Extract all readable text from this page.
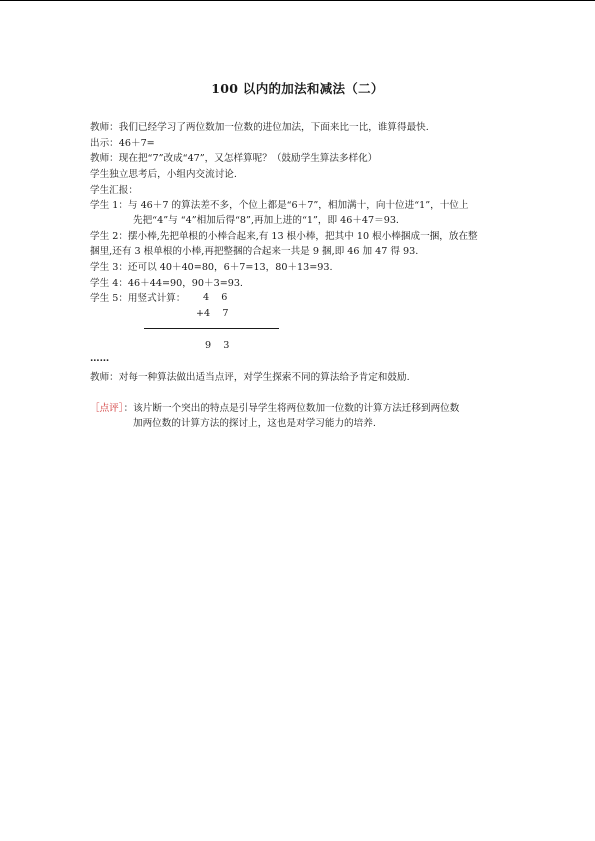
100 以内的加法和减法（二）
教师：我们已经学习了两位数加一位数的进位加法，下面来比一比，谁算得最快.
出示：46＋7=
教师：现在把“7”改成“47”，又怎样算呢？（鼓励学生算法多样化）
学生独立思考后，小组内交流讨论.
学生汇报：
学生 1：与 46＋7 的算法差不多，个位上都是“6＋7”，相加满十，向十位进“1”，十位上
先把“4”与 “4”相加后得“8”,再加上进的“1”，即 46＋47＝93.
学生 2：摆小棒,先把单根的小棒合起来,有 13 根小棒，把其中 10 根小棒捆成一捆，放在整
捆里,还有 3 根单根的小棒,再把整捆的合起来一共是 9 捆,即 46 加 47 得 93.
学生 3：还可以 40＋40=80，6＋7=13，80＋13=93.
学生 4：46＋44=90，90＋3=93.
学生 5：用竖式计算： 4    6
+4    7
9    3
……
教师：对每一种算法做出适当点评，对学生探索不同的算法给予肯定和鼓励.
［点评］：该片断一个突出的特点是引导学生将两位数加一位数的计算方法迁移到两位数
加两位数的计算方法的探讨上，这也是对学习能力的培养.
